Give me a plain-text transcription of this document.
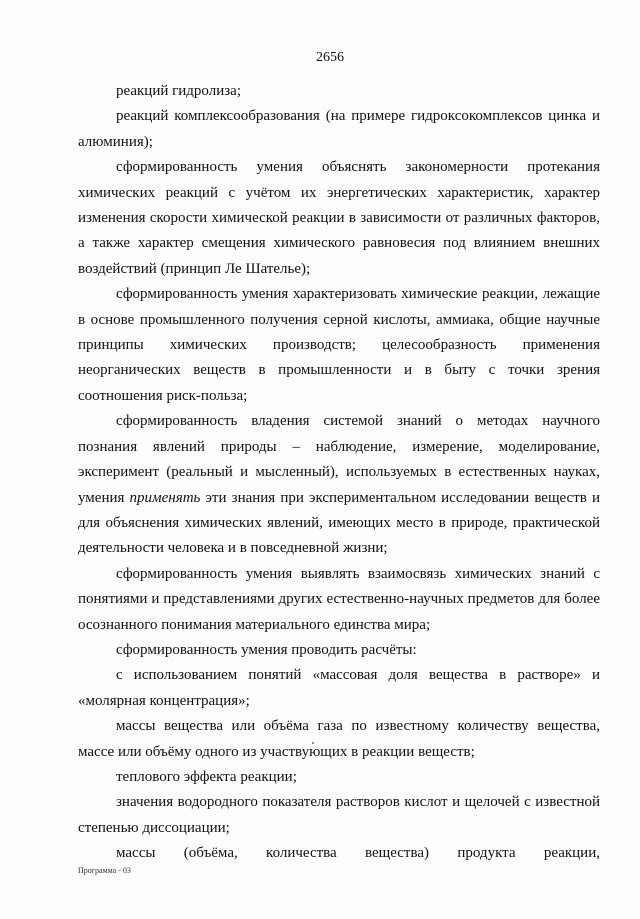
2656

реакций гидролиза;

реакций комплексообразования (на примере гидроксокомплексов цинка и алюминия);

сформированность умения объяснять закономерности протекания химических реакций с учётом их энергетических характеристик, характер изменения скорости химической реакции в зависимости от различных факторов, а также характер смещения химического равновесия под влиянием внешних воздействий (принцип Ле Шателье);

сформированность умения характеризовать химические реакции, лежащие в основе промышленного получения серной кислоты, аммиака, общие научные принципы химических производств; целесообразность применения неорганических веществ в промышленности и в быту с точки зрения соотношения риск-польза;

сформированность владения системой знаний о методах научного познания явлений природы – наблюдение, измерение, моделирование, эксперимент (реальный и мысленный), используемых в естественных науках, умения применять эти знания при экспериментальном исследовании веществ и для объяснения химических явлений, имеющих место в природе, практической деятельности человека и в повседневной жизни;

сформированность умения выявлять взаимосвязь химических знаний с понятиями и представлениями других естественно-научных предметов для более осознанного понимания материального единства мира;

сформированность умения проводить расчёты:

с использованием понятий «массовая доля вещества в растворе» и «молярная концентрация»;

массы вещества или объёма газа по известному количеству вещества, массе или объёму одного из участвующих в реакции веществ;

теплового эффекта реакции;

значения водородного показателя растворов кислот и щелочей с известной степенью диссоциации;

массы (объёма, количества вещества) продукта реакции,

Программа - 03
